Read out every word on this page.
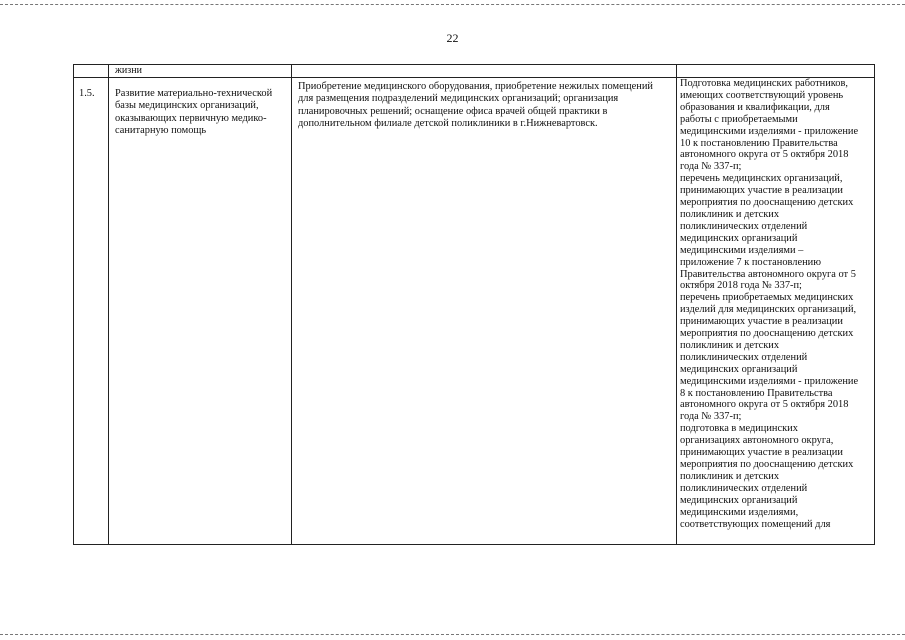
22
жизни
1.5.	Развитие материально-технической
базы медицинских организаций,
оказывающих первичную медико-
санитарную помощь
Приобретение медицинского оборудования, приобретение нежилых помещений
для размещения подразделений медицинских организаций; организация
планировочных решений; оснащение офиса врачей общей практики в
дополнительном филиале детской поликлиники в г.Нижневартовск.
Подготовка медицинских работников,
имеющих соответствующий уровень
образования и квалификации, для
работы с приобретаемыми
медицинскими изделиями - приложение
10 к постановлению Правительства
автономного округа от 5 октября 2018
года № 337-п;
перечень медицинских организаций,
принимающих участие в реализации
мероприятия по дооснащению детских
поликлиник и детских
поликлинических отделений
медицинских организаций
медицинскими изделиями –
приложение 7 к постановлению
Правительства автономного округа от 5
октября 2018 года № 337-п;
перечень приобретаемых медицинских
изделий для медицинских организаций,
принимающих участие в реализации
мероприятия по дооснащению детских
поликлиник и детских
поликлинических отделений
медицинских организаций
медицинскими изделиями - приложение
8 к постановлению Правительства
автономного округа от 5 октября 2018
года № 337-п;
подготовка в медицинских
организациях автономного округа,
принимающих участие в реализации
мероприятия по дооснащению детских
поликлиник и детских
поликлинических отделений
медицинских организаций
медицинскими изделиями,
соответствующих помещений для
